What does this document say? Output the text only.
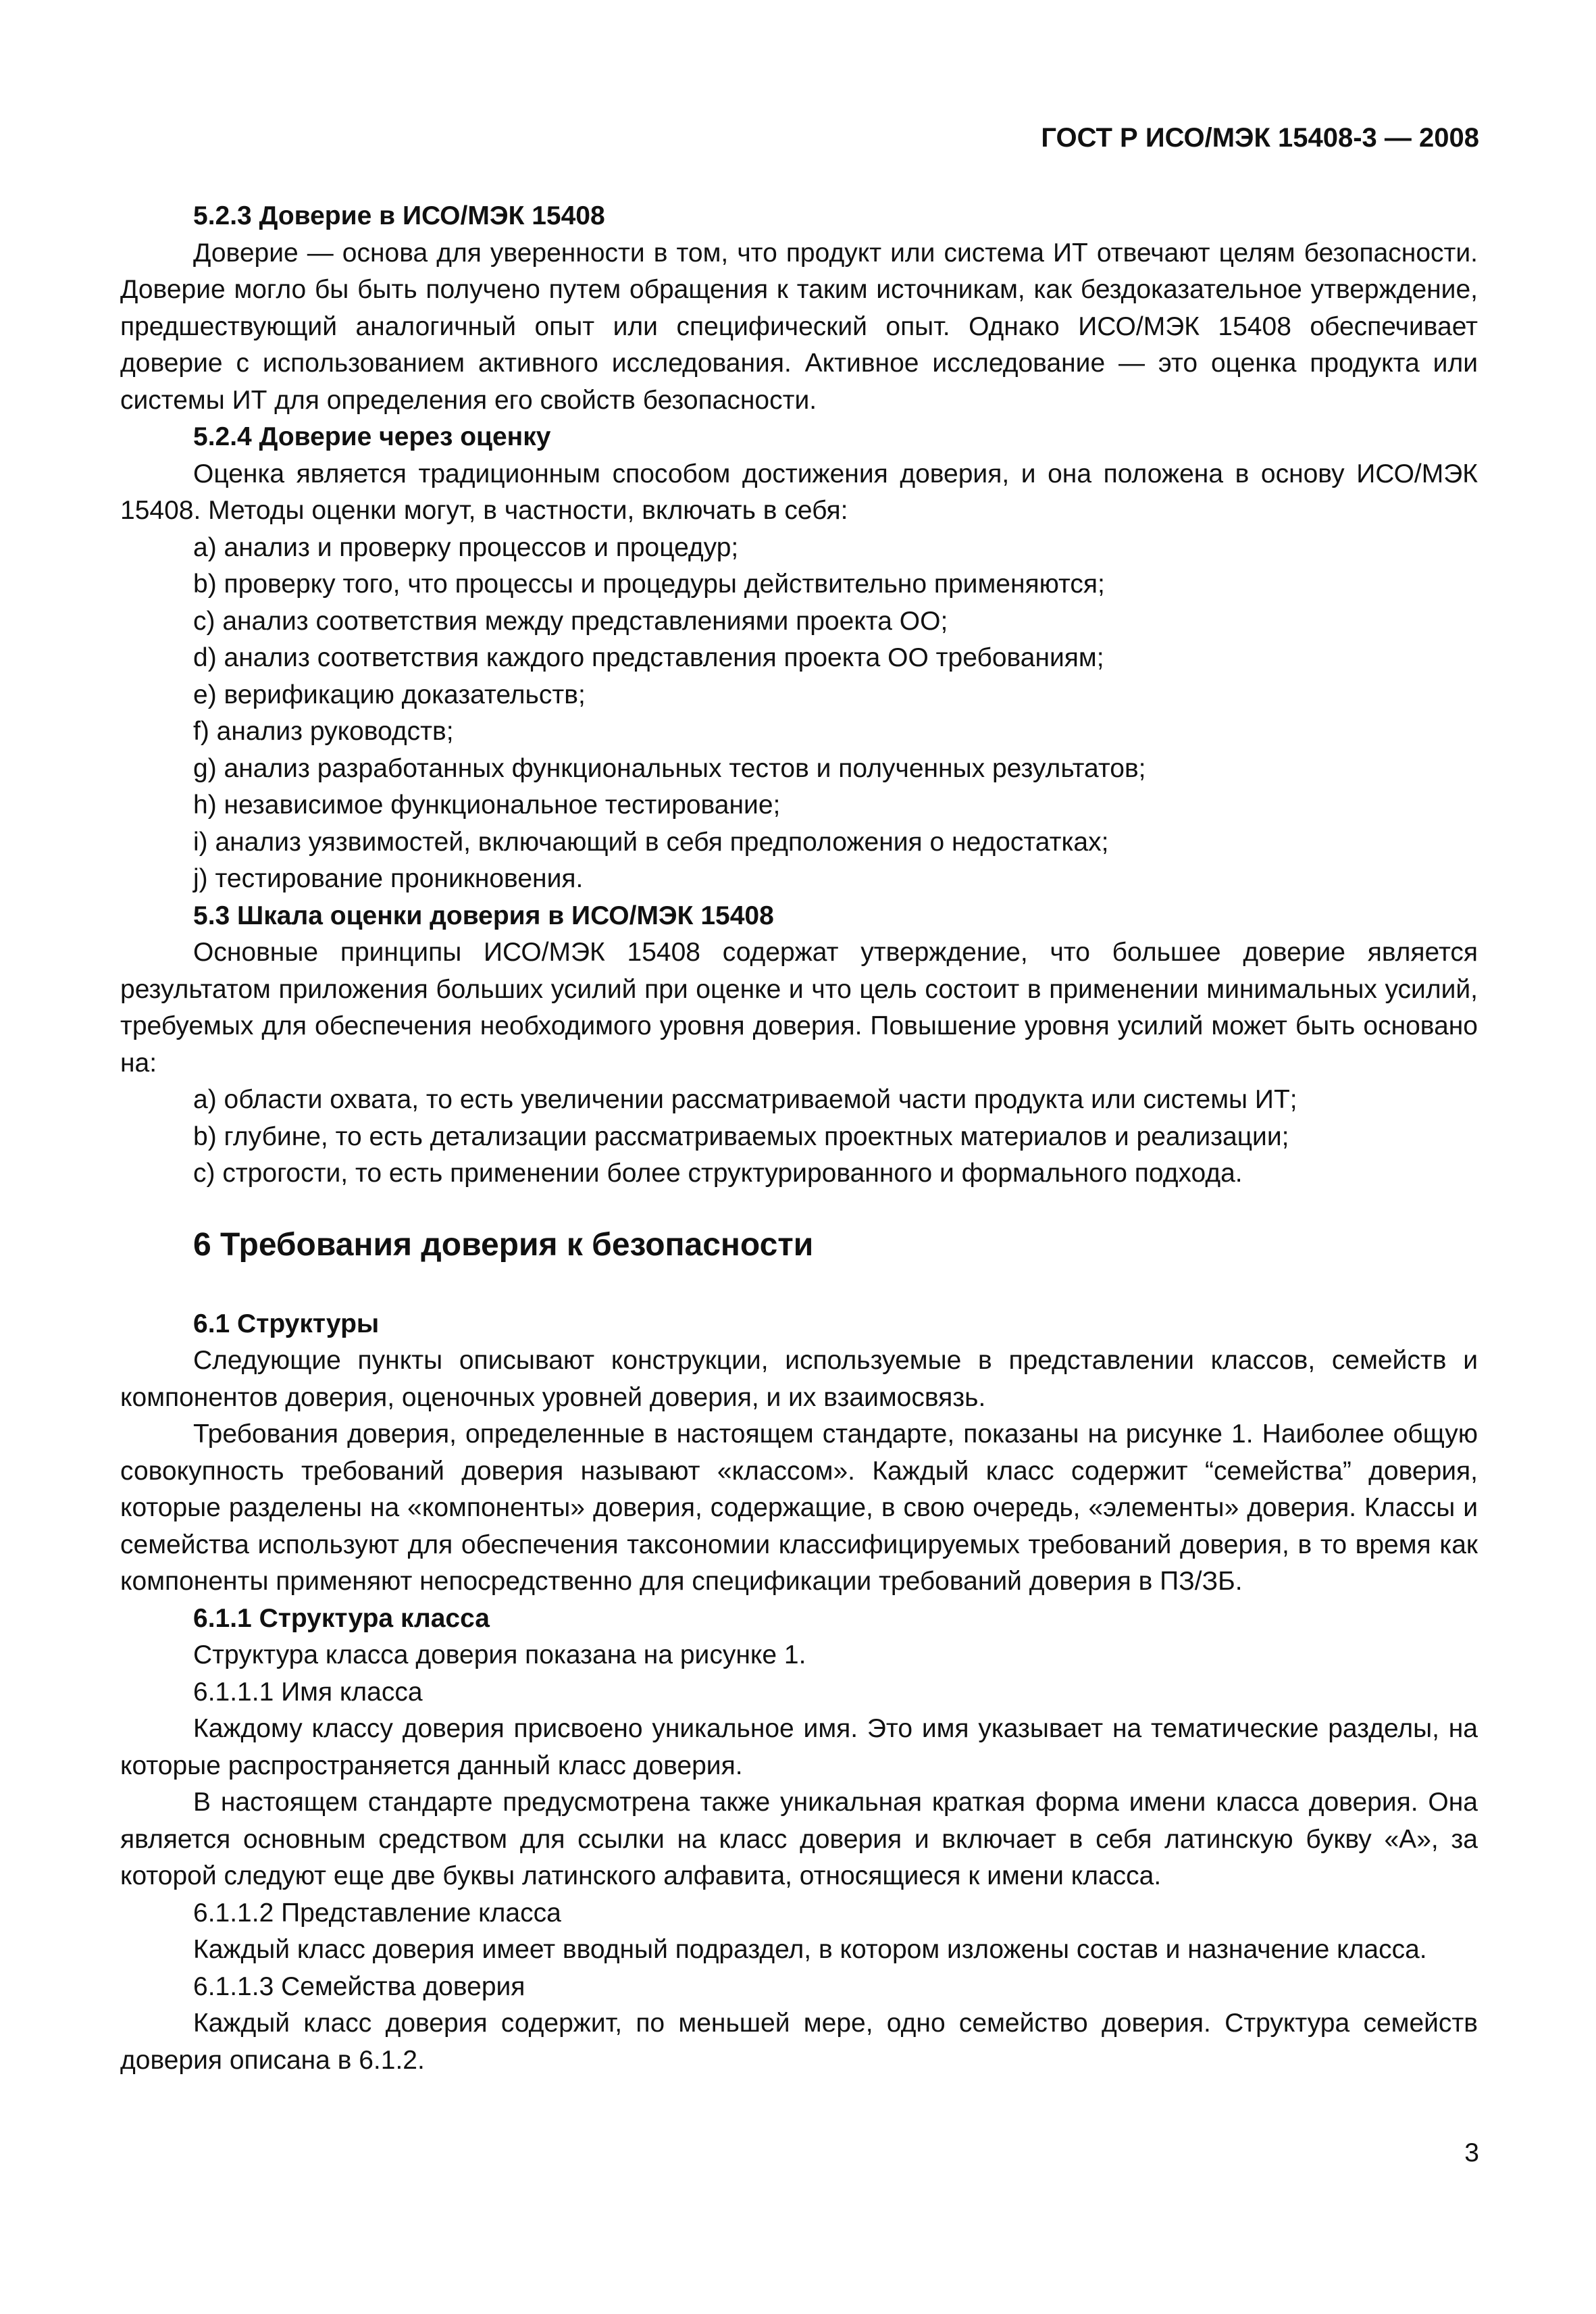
ГОСТ Р ИСО/МЭК 15408-3 — 2008

5.2.3 Доверие в ИСО/МЭК 15408

Доверие — основа для уверенности в том, что продукт или система ИТ отвечают целям безопасности. Доверие могло бы быть получено путем обращения к таким источникам, как бездоказательное утверждение, предшествующий аналогичный опыт или специфический опыт. Однако ИСО/МЭК 15408 обеспечивает доверие с использованием активного исследования. Активное исследование — это оценка продукта или системы ИТ для определения его свойств безопасности.

5.2.4 Доверие через оценку

Оценка является традиционным способом достижения доверия, и она положена в основу ИСО/МЭК 15408. Методы оценки могут, в частности, включать в себя:

a) анализ и проверку процессов и процедур;

b) проверку того, что процессы и процедуры действительно применяются;

c) анализ соответствия между представлениями проекта ОО;

d) анализ соответствия каждого представления проекта ОО требованиям;

e) верификацию доказательств;

f) анализ руководств;

g) анализ разработанных функциональных тестов и полученных результатов;

h) независимое функциональное тестирование;

i) анализ уязвимостей, включающий в себя предположения о недостатках;

j) тестирование проникновения.

5.3 Шкала оценки доверия в ИСО/МЭК 15408

Основные принципы ИСО/МЭК 15408 содержат утверждение, что большее доверие является результатом приложения больших усилий при оценке и что цель состоит в применении минимальных усилий, требуемых для обеспечения необходимого уровня доверия. Повышение уровня усилий может быть основано на:

a) области охвата, то есть увеличении рассматриваемой части продукта или системы ИТ;

b) глубине, то есть детализации рассматриваемых проектных материалов и реализации;

c) строгости, то есть применении более структурированного и формального подхода.

6 Требования доверия к безопасности

6.1 Структуры

Следующие пункты описывают конструкции, используемые в представлении классов, семейств и компонентов доверия, оценочных уровней доверия, и их взаимосвязь.

Требования доверия, определенные в настоящем стандарте, показаны на рисунке 1. Наиболее общую совокупность требований доверия называют «классом». Каждый класс содержит “семейства” доверия, которые разделены на «компоненты» доверия, содержащие, в свою очередь, «элементы» доверия. Классы и семейства используют для обеспечения таксономии классифицируемых требований доверия, в то время как компоненты применяют непосредственно для спецификации требований доверия в ПЗ/ЗБ.

6.1.1 Структура класса

Структура класса доверия показана на рисунке 1.

6.1.1.1 Имя класса

Каждому классу доверия присвоено уникальное имя. Это имя указывает на тематические разделы, на которые распространяется данный класс доверия.

В настоящем стандарте предусмотрена также уникальная краткая форма имени класса доверия. Она является основным средством для ссылки на класс доверия и включает в себя латинскую букву «А», за которой следуют еще две буквы латинского алфавита, относящиеся к имени класса.

6.1.1.2 Представление класса

Каждый класс доверия имеет вводный подраздел, в котором изложены состав и назначение класса.

6.1.1.3 Семейства доверия

Каждый класс доверия содержит, по меньшей мере, одно семейство доверия. Структура семейств доверия описана в 6.1.2.

3
